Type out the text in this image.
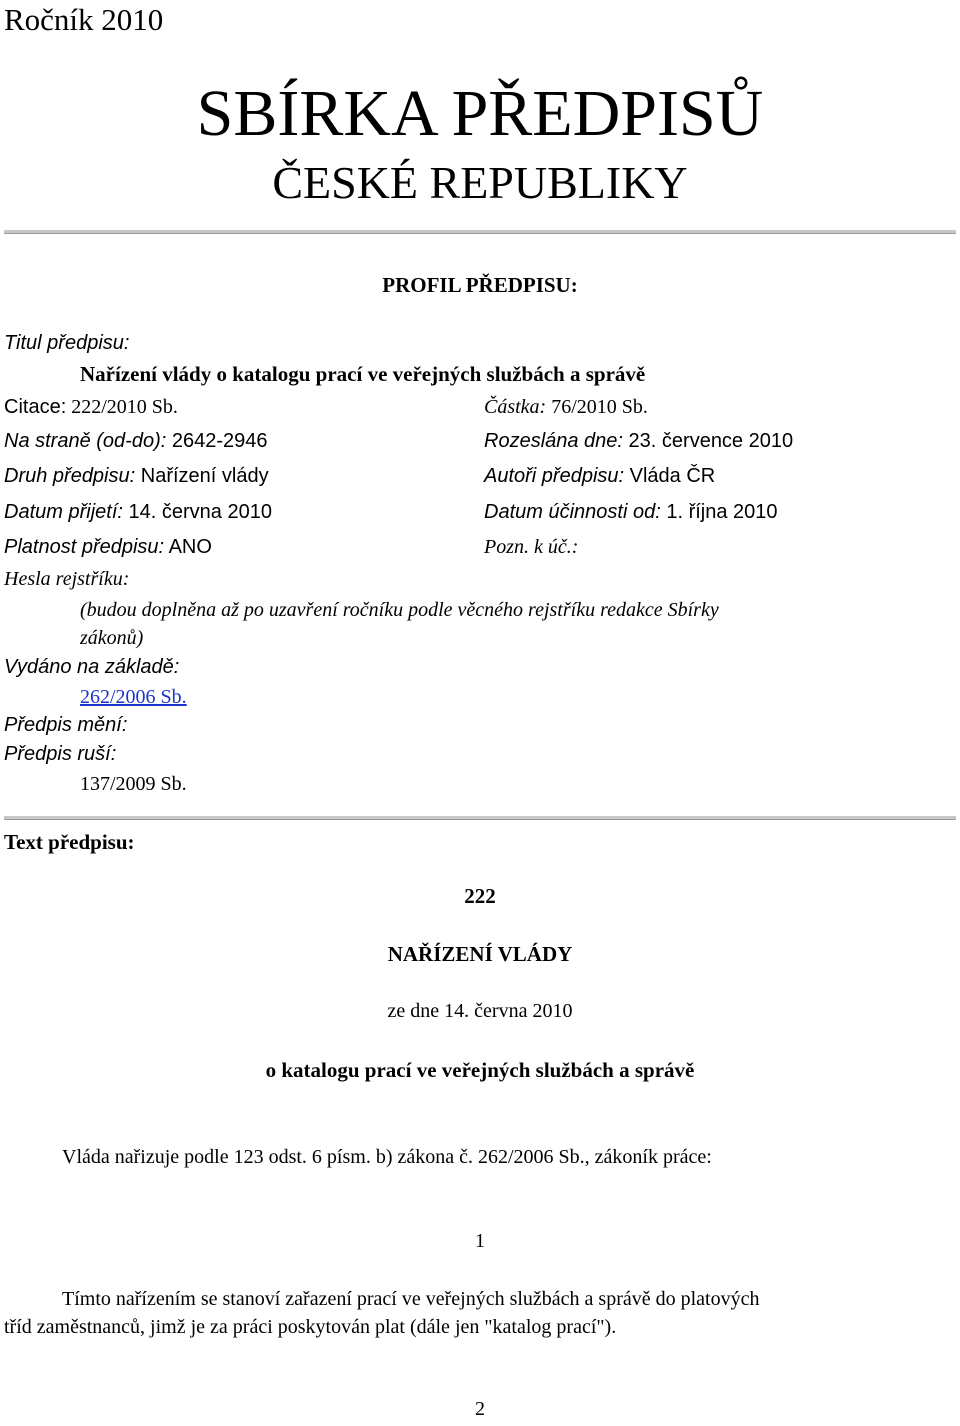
Ročník 2010
SBÍRKA PŘEDPISŮ
ČESKÉ REPUBLIKY
PROFIL PŘEDPISU:
Titul předpisu:
Nařízení vlády o katalogu prací ve veřejných službách a správě
Citace: 222/2010 Sb.	Částka: 76/2010 Sb.
Na straně (od-do): 2642-2946	Rozeslána dne: 23. července 2010
Druh předpisu: Nařízení vlády	Autoři předpisu: Vláda ČR
Datum přijetí: 14. června 2010	Datum účinnosti od: 1. října 2010
Platnost předpisu: ANO	Pozn. k úč.:
Hesla rejstříku:
(budou doplněna až po uzavření ročníku podle věcného rejstříku redakce Sbírky
zákonů)
Vydáno na základě:
262/2006 Sb.
Předpis mění:
Předpis ruší:
137/2009 Sb.
Text předpisu:
222
NAŘÍZENÍ VLÁDY
ze dne 14. června 2010
o katalogu prací ve veřejných službách a správě
Vláda nařizuje podle 123 odst. 6 písm. b) zákona č. 262/2006 Sb., zákoník práce:
1
Tímto nařízením se stanoví zařazení prací ve veřejných službách a správě do platových
tříd zaměstnanců, jimž je za práci poskytován plat (dále jen "katalog prací").
2
